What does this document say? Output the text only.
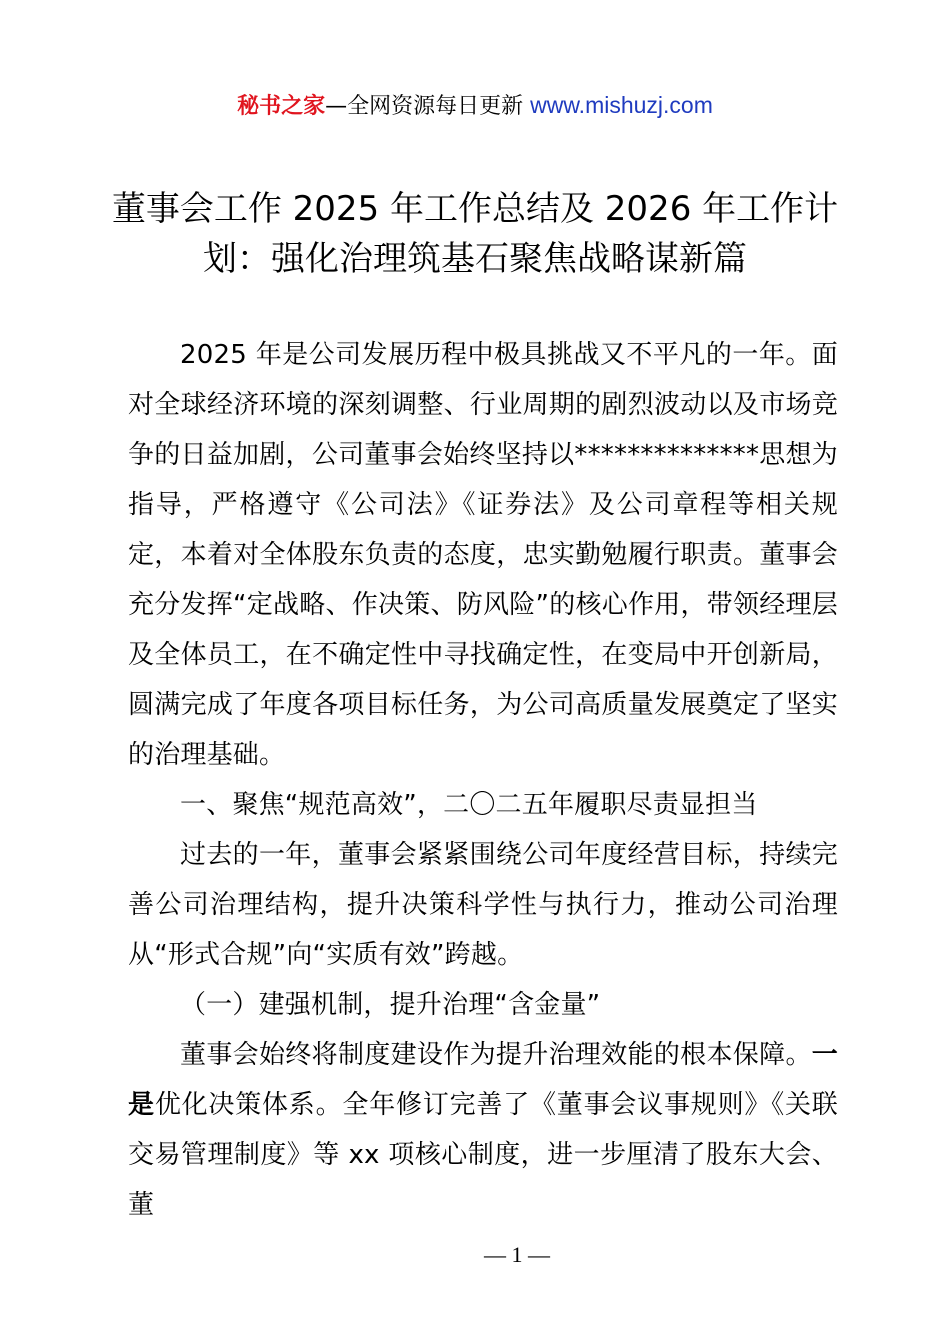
秘书之家—全网资源每日更新 www.mishuzj.com
董事会工作 2025 年工作总结及 2026 年工作计
划：强化治理筑基石聚焦战略谋新篇

2025 年是公司发展历程中极具挑战又不平凡的一年。面对全球经济环境的深刻调整、行业周期的剧烈波动以及市场竞争的日益加剧，公司董事会始终坚持以**************思想为指导，严格遵守《公司法》《证券法》及公司章程等相关规定，本着对全体股东负责的态度，忠实勤勉履行职责。董事会充分发挥“定战略、作决策、防风险”的核心作用，带领经理层及全体员工，在不确定性中寻找确定性，在变局中开创新局，圆满完成了年度各项目标任务，为公司高质量发展奠定了坚实的治理基础。

一、聚焦“规范高效”，二〇二五年履职尽责显担当

过去的一年，董事会紧紧围绕公司年度经营目标，持续完善公司治理结构，提升决策科学性与执行力，推动公司治理从“形式合规”向“实质有效”跨越。

（一）建强机制，提升治理“含金量”

董事会始终将制度建设作为提升治理效能的根本保障。一是优化决策体系。全年修订完善了《董事会议事规则》《关联交易管理制度》等 xx 项核心制度，进一步厘清了股东大会、董

— 1 —
